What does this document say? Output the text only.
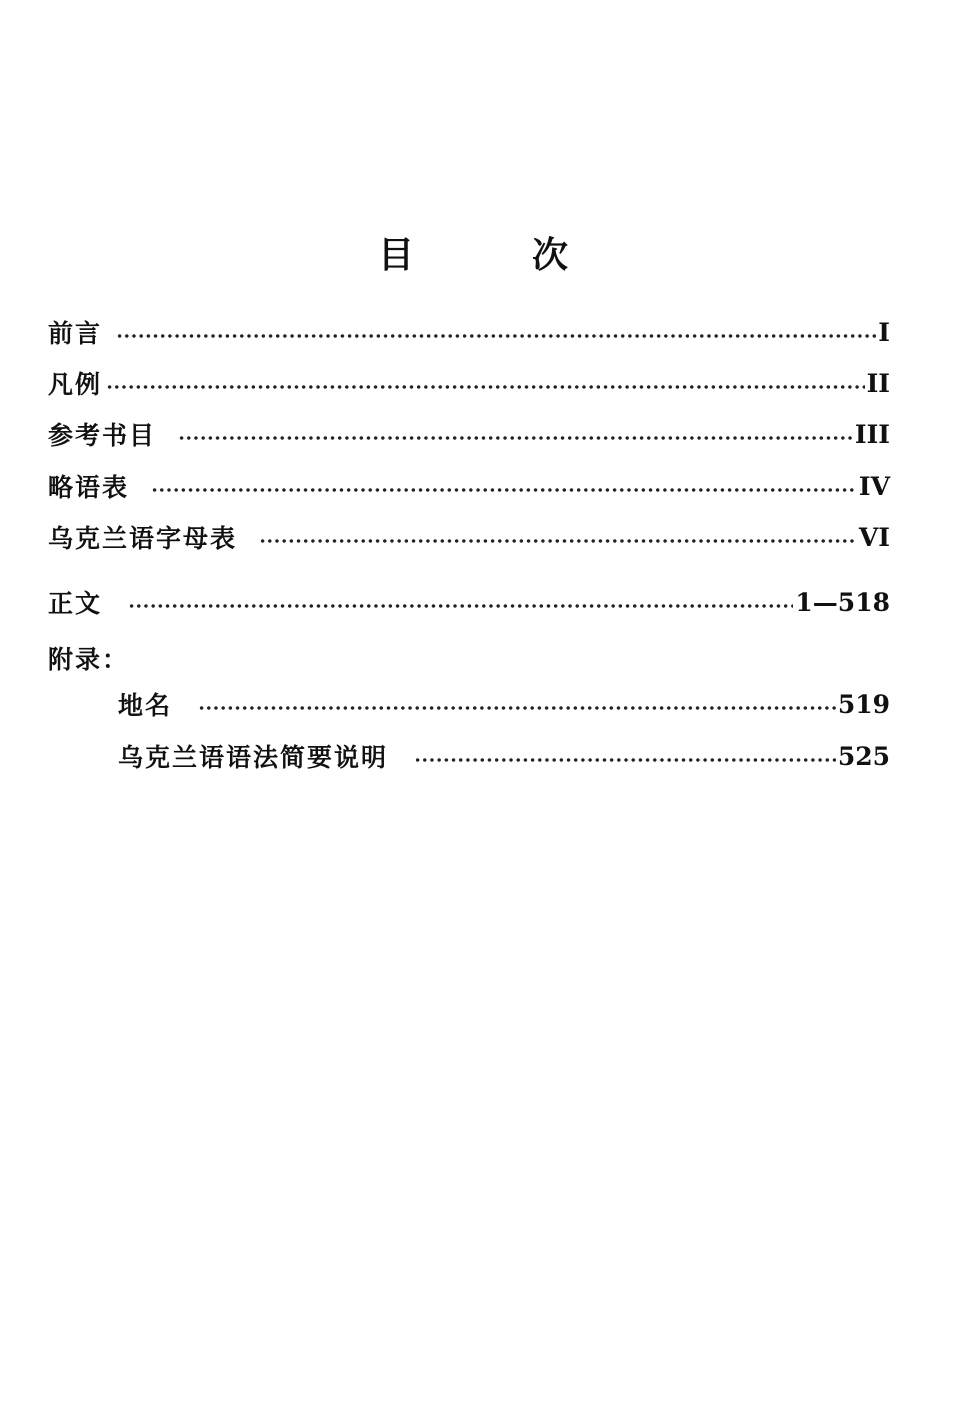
目	次
前言	I
凡例	II
参考书目	III
略语表	IV
乌克兰语字母表	VI
正文	1—518
附录：
地名	519
乌克兰语语法简要说明	525
